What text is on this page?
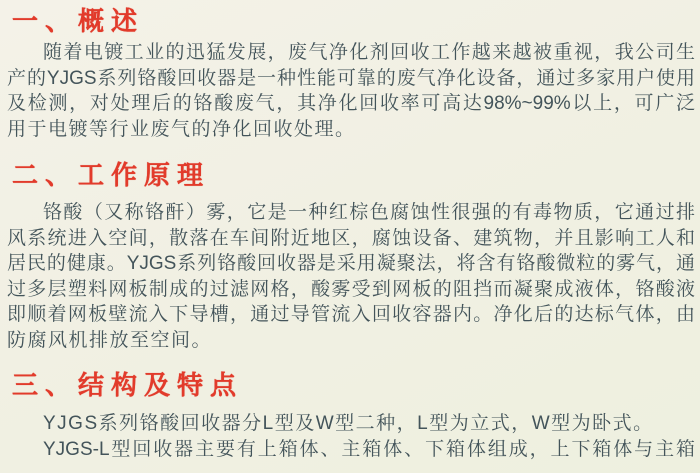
一、概述
随着电镀工业的迅猛发展，废气净化剂回收工作越来越被重视，我公司生
产的YJGS系列铬酸回收器是一种性能可靠的废气净化设备，通过多家用户使用
及检测，对处理后的铬酸废气，其净化回收率可高达98%~99%以上，可广泛
用于电镀等行业废气的净化回收处理。
二、工作原理
铬酸（又称铬酐）雾，它是一种红棕色腐蚀性很强的有毒物质，它通过排
风系统进入空间，散落在车间附近地区，腐蚀设备、建筑物，并且影响工人和
居民的健康。YJGS系列铬酸回收器是采用凝聚法，将含有铬酸微粒的雾气，通
过多层塑料网板制成的过滤网格，酸雾受到网板的阻挡而凝聚成液体，铬酸液
即顺着网板壁流入下导槽，通过导管流入回收容器内。净化后的达标气体，由
防腐风机排放至空间。
三、结构及特点
YJGS系列铬酸回收器分L型及W型二种，L型为立式，W型为卧式。
YJGS-L型回收器主要有上箱体、主箱体、下箱体组成，上下箱体与主箱
